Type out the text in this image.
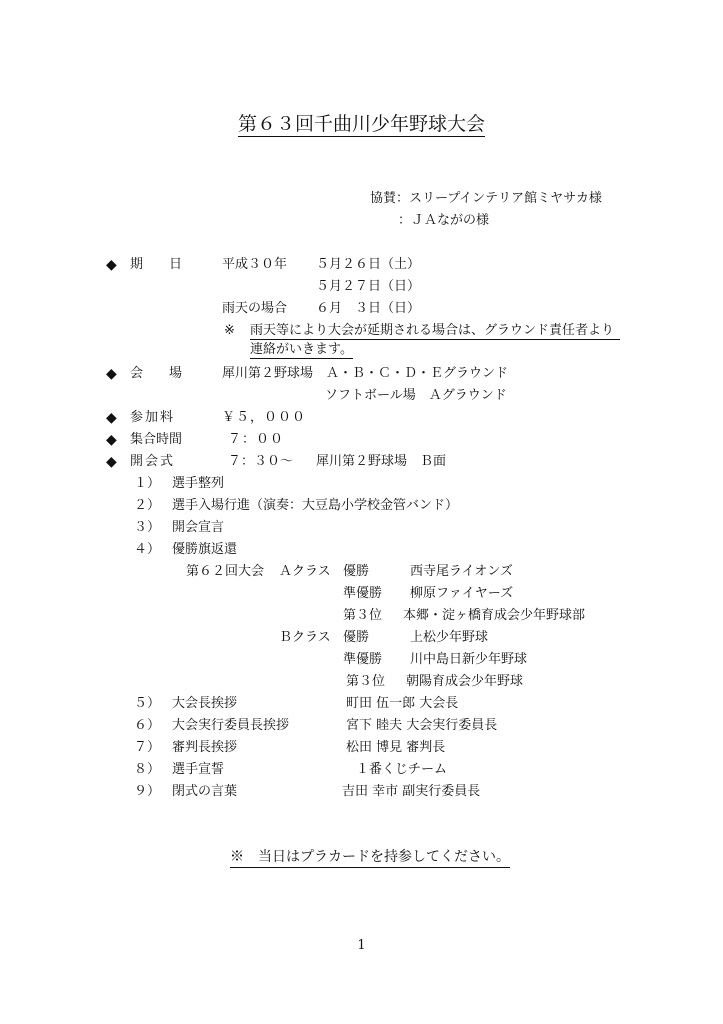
第６３回千曲川少年野球大会
協賛：スリープインテリア館ミヤサカ様
：ＪＡながの様
◆ 期　　日	平成３０年 ５月２６日（土）
５月２７日（日）
雨天の場合 ６月　３日（日）
※ 雨天等により大会が延期される場合は、グラウンド責任者より
連絡がいきます。
◆ 会　　場	犀川第２野球場　Ａ・Ｂ・Ｃ・Ｄ・Ｅグラウンド
ソフトボール場　Ａグラウンド
◆ 参加料	￥５，０００
◆ 集合時間	７：００
◆ 開会式	７：３０～ 犀川第２野球場　Ｂ面
１） 選手整列
２） 選手入場行進（演奏：大豆島小学校金管バンド）
３） 開会宣言
４） 優勝旗返還
第６２回大会 Ａクラス 優勝	西寺尾ライオンズ
準優勝 柳原ファイヤーズ
第３位 本郷・淀ヶ橋育成会少年野球部
Ｂクラス 優勝	上松少年野球
準優勝 川中島日新少年野球
第３位 朝陽育成会少年野球
５） 大会長挨拶	町田 伍一郎 大会長
６） 大会実行委員長挨拶	宮下 睦夫 大会実行委員長
７） 審判長挨拶	松田 博見 審判長
８） 選手宣誓	１番くじチーム
９） 閉式の言葉	吉田 幸市 副実行委員長
※　当日はプラカードを持参してください。
1
